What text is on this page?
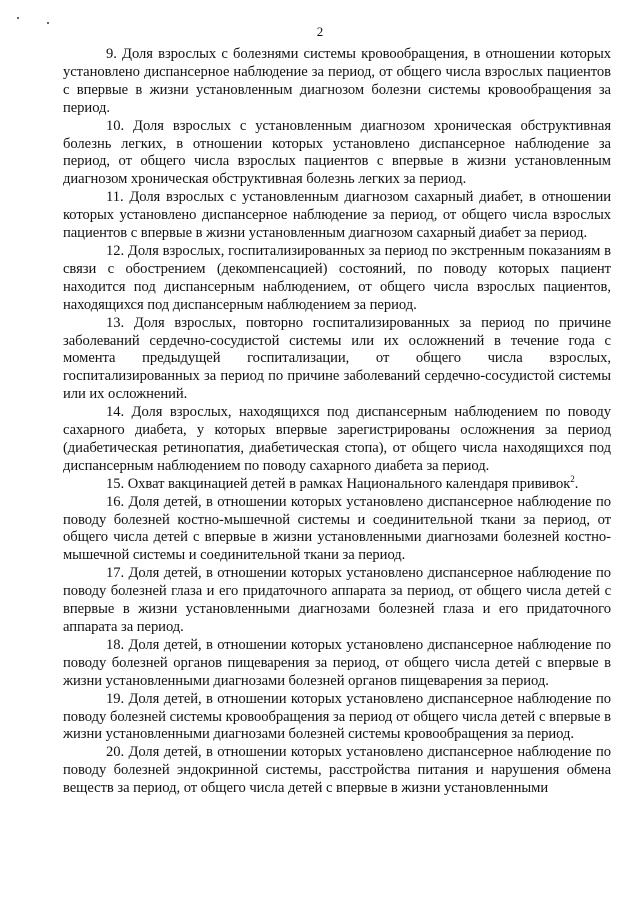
2

9. Доля взрослых с болезнями системы кровообращения, в отношении которых установлено диспансерное наблюдение за период, от общего числа взрослых пациентов с впервые в жизни установленным диагнозом болезни системы кровообращения за период.

10. Доля взрослых с установленным диагнозом хроническая обструктивная болезнь легких, в отношении которых установлено диспансерное наблюдение за период, от общего числа взрослых пациентов с впервые в жизни установленным диагнозом хроническая обструктивная болезнь легких за период.

11. Доля взрослых с установленным диагнозом сахарный диабет, в отношении которых установлено диспансерное наблюдение за период, от общего числа взрослых пациентов с впервые в жизни установленным диагнозом сахарный диабет за период.

12. Доля взрослых, госпитализированных за период по экстренным показаниям в связи с обострением (декомпенсацией) состояний, по поводу которых пациент находится под диспансерным наблюдением, от общего числа взрослых пациентов, находящихся под диспансерным наблюдением за период.

13. Доля взрослых, повторно госпитализированных за период по причине заболеваний сердечно-сосудистой системы или их осложнений в течение года с момента предыдущей госпитализации, от общего числа взрослых, госпитализированных за период по причине заболеваний сердечно-сосудистой системы или их осложнений.

14. Доля взрослых, находящихся под диспансерным наблюдением по поводу сахарного диабета, у которых впервые зарегистрированы осложнения за период (диабетическая ретинопатия, диабетическая стопа), от общего числа находящихся под диспансерным наблюдением по поводу сахарного диабета за период.

15. Охват вакцинацией детей в рамках Национального календаря прививок$^2$.

16. Доля детей, в отношении которых установлено диспансерное наблюдение по поводу болезней костно-мышечной системы и соединительной ткани за период, от общего числа детей с впервые в жизни установленными диагнозами болезней костно-мышечной системы и соединительной ткани за период.

17. Доля детей, в отношении которых установлено диспансерное наблюдение по поводу болезней глаза и его придаточного аппарата за период, от общего числа детей с впервые в жизни установленными диагнозами болезней глаза и его придаточного аппарата за период.

18. Доля детей, в отношении которых установлено диспансерное наблюдение по поводу болезней органов пищеварения за период, от общего числа детей с впервые в жизни установленными диагнозами болезней органов пищеварения за период.

19. Доля детей, в отношении которых установлено диспансерное наблюдение по поводу болезней системы кровообращения за период от общего числа детей с впервые в жизни установленными диагнозами болезней системы кровообращения за период.

20. Доля детей, в отношении которых установлено диспансерное наблюдение по поводу болезней эндокринной системы, расстройства питания и нарушения обмена веществ за период, от общего числа детей с впервые в жизни установленными
